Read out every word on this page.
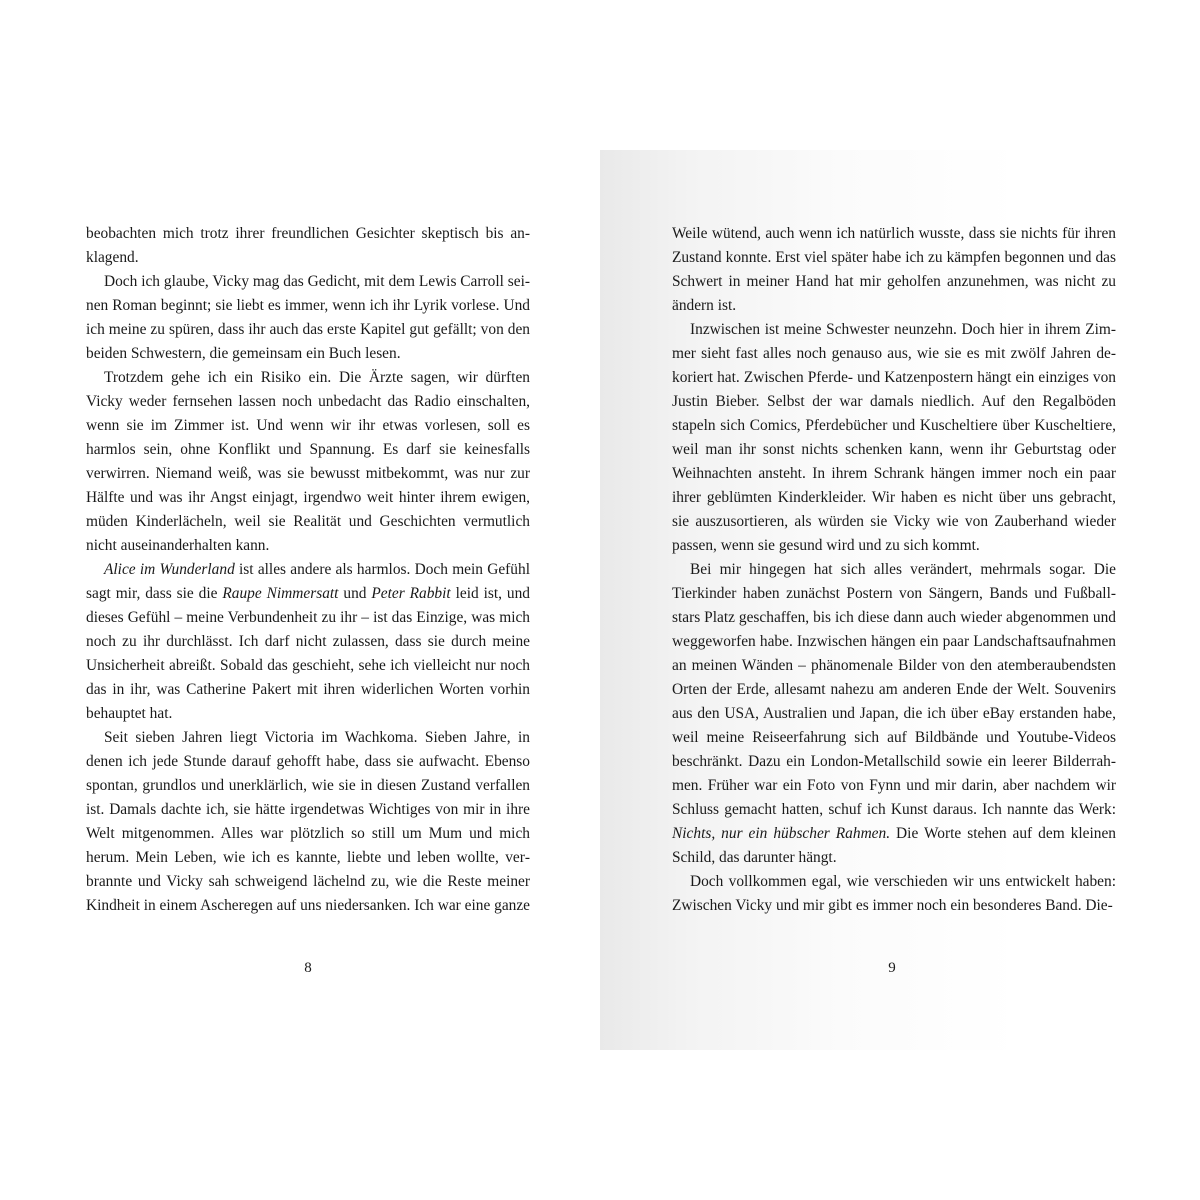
beobachten mich trotz ihrer freundlichen Gesichter skeptisch bis anklagend.

Doch ich glaube, Vicky mag das Gedicht, mit dem Lewis Carroll seinen Roman beginnt; sie liebt es immer, wenn ich ihr Lyrik vorlese. Und ich meine zu spüren, dass ihr auch das erste Kapitel gut gefällt; von den beiden Schwestern, die gemeinsam ein Buch lesen.

Trotzdem gehe ich ein Risiko ein. Die Ärzte sagen, wir dürften Vicky weder fernsehen lassen noch unbedacht das Radio einschalten, wenn sie im Zimmer ist. Und wenn wir ihr etwas vorlesen, soll es harmlos sein, ohne Konflikt und Spannung. Es darf sie keinesfalls verwirren. Niemand weiß, was sie bewusst mitbekommt, was nur zur Hälfte und was ihr Angst einjagt, irgendwo weit hinter ihrem ewigen, müden Kinderlächeln, weil sie Realität und Geschichten vermutlich nicht auseinanderhalten kann.

Alice im Wunderland ist alles andere als harmlos. Doch mein Gefühl sagt mir, dass sie die Raupe Nimmersatt und Peter Rabbit leid ist, und dieses Gefühl – meine Verbundenheit zu ihr – ist das Einzige, was mich noch zu ihr durchlässt. Ich darf nicht zulassen, dass sie durch meine Unsicherheit abreißt. Sobald das geschieht, sehe ich vielleicht nur noch das in ihr, was Catherine Pakert mit ihren widerlichen Worten vorhin behauptet hat.

Seit sieben Jahren liegt Victoria im Wachkoma. Sieben Jahre, in denen ich jede Stunde darauf gehofft habe, dass sie aufwacht. Ebenso spontan, grundlos und unerklärlich, wie sie in diesen Zustand verfallen ist. Damals dachte ich, sie hätte irgendetwas Wichtiges von mir in ihre Welt mitgenommen. Alles war plötzlich so still um Mum und mich herum. Mein Leben, wie ich es kannte, liebte und leben wollte, verbrannte und Vicky sah schweigend lächelnd zu, wie die Reste meiner Kindheit in einem Ascheregen auf uns niedersanken. Ich war eine ganze

8

Weile wütend, auch wenn ich natürlich wusste, dass sie nichts für ihren Zustand konnte. Erst viel später habe ich zu kämpfen begonnen und das Schwert in meiner Hand hat mir geholfen anzunehmen, was nicht zu ändern ist.

Inzwischen ist meine Schwester neunzehn. Doch hier in ihrem Zimmer sieht fast alles noch genauso aus, wie sie es mit zwölf Jahren dekoriert hat. Zwischen Pferde- und Katzenpostern hängt ein einziges von Justin Bieber. Selbst der war damals niedlich. Auf den Regalböden stapeln sich Comics, Pferdebücher und Kuscheltiere über Kuscheltiere, weil man ihr sonst nichts schenken kann, wenn ihr Geburtstag oder Weihnachten ansteht. In ihrem Schrank hängen immer noch ein paar ihrer geblümten Kinderkleider. Wir haben es nicht über uns gebracht, sie auszusortieren, als würden sie Vicky wie von Zauberhand wieder passen, wenn sie gesund wird und zu sich kommt.

Bei mir hingegen hat sich alles verändert, mehrmals sogar. Die Tierkinder haben zunächst Postern von Sängern, Bands und Fußballstars Platz geschaffen, bis ich diese dann auch wieder abgenommen und weggeworfen habe. Inzwischen hängen ein paar Landschaftsaufnahmen an meinen Wänden – phänomenale Bilder von den atemberaubendsten Orten der Erde, allesamt nahezu am anderen Ende der Welt. Souvenirs aus den USA, Australien und Japan, die ich über eBay erstanden habe, weil meine Reiseerfahrung sich auf Bildbände und Youtube-Videos beschränkt. Dazu ein London-Metallschild sowie ein leerer Bilderrahmen. Früher war ein Foto von Fynn und mir darin, aber nachdem wir Schluss gemacht hatten, schuf ich Kunst daraus. Ich nannte das Werk: Nichts, nur ein hübscher Rahmen. Die Worte stehen auf dem kleinen Schild, das darunter hängt.

Doch vollkommen egal, wie verschieden wir uns entwickelt haben: Zwischen Vicky und mir gibt es immer noch ein besonderes Band. Die-

9
